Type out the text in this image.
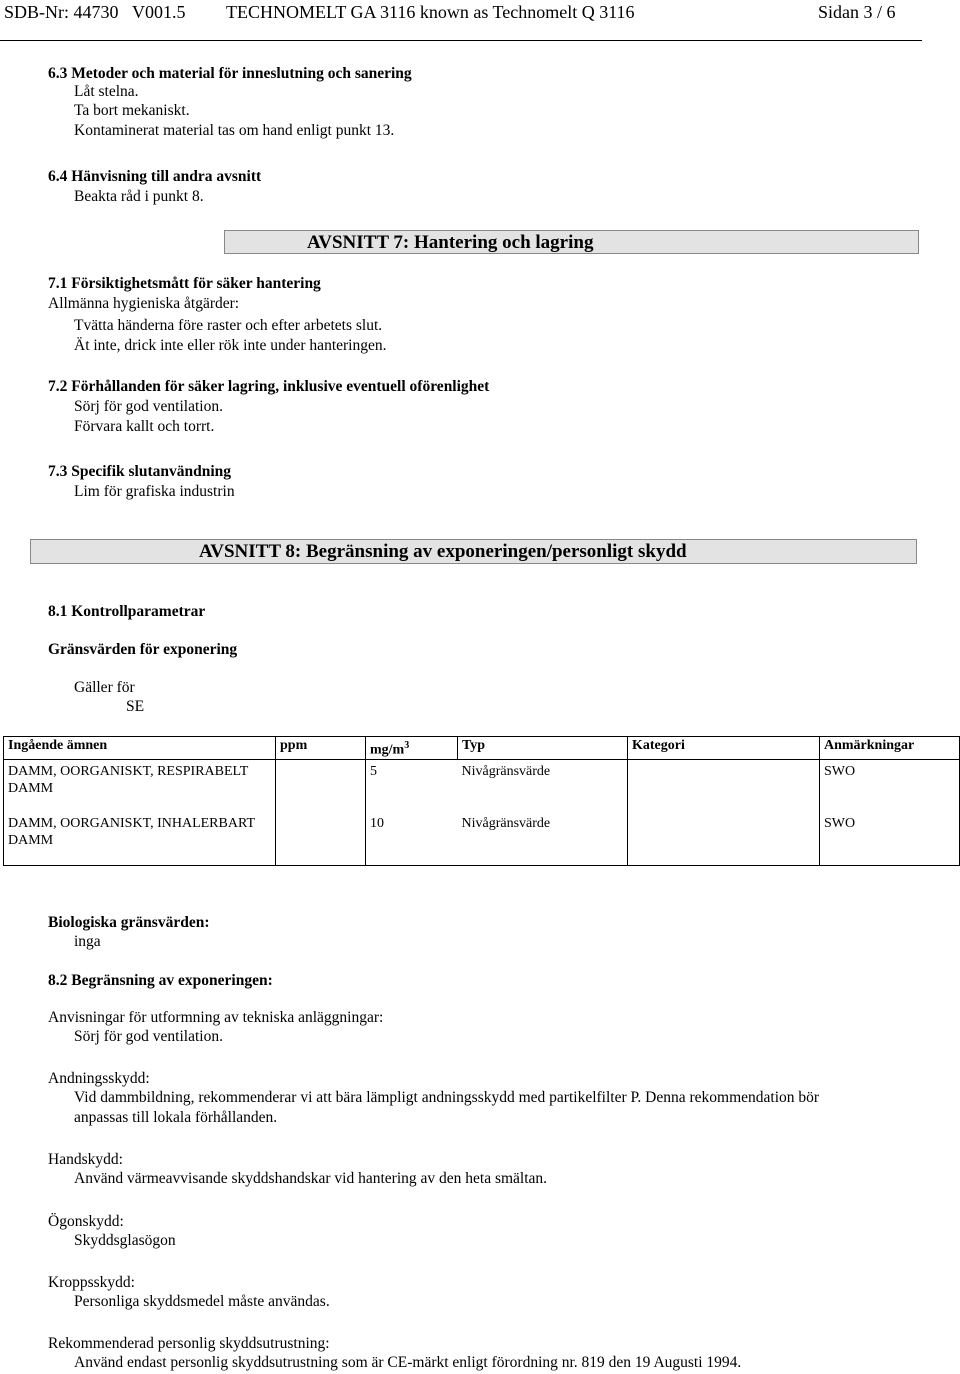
SDB-Nr: 44730 V001.5 TECHNOMELT GA 3116 known as Technomelt Q 3116	Sidan 3 / 6
6.3 Metoder och material för inneslutning och sanering
Låt stelna.
Ta bort mekaniskt.
Kontaminerat material tas om hand enligt punkt 13.
6.4 Hänvisning till andra avsnitt
Beakta råd i punkt 8.
AVSNITT 7: Hantering och lagring
7.1 Försiktighetsmått för säker hantering
Allmänna hygieniska åtgärder:
Tvätta händerna före raster och efter arbetets slut.
Ät inte, drick inte eller rök inte under hanteringen.
7.2 Förhållanden för säker lagring, inklusive eventuell oförenlighet
Sörj för god ventilation.
Förvara kallt och torrt.
7.3 Specifik slutanvändning
Lim för grafiska industrin
AVSNITT 8: Begränsning av exponeringen/personligt skydd
8.1 Kontrollparametrar
Gränsvärden för exponering
Gäller för
SE
Ingående ämnen	ppm	$mg/m^3$	Typ	Kategori	Anmärkningar
DAMM, OORGANISKT, RESPIRABELT
DAMM		5	Nivågränsvärde		SWO
DAMM, OORGANISKT, INHALERBART
DAMM		10	Nivågränsvärde		SWO
Biologiska gränsvärden:
inga
8.2 Begränsning av exponeringen:
Anvisningar för utformning av tekniska anläggningar:
Sörj för god ventilation.
Andningsskydd:
Vid dammbildning, rekommenderar vi att bära lämpligt andningsskydd med partikelfilter P. Denna rekommendation bör
anpassas till lokala förhållanden.
Handskydd:
Använd värmeavvisande skyddshandskar vid hantering av den heta smältan.
Ögonskydd:
Skyddsglasögon
Kroppsskydd:
Personliga skyddsmedel måste användas.
Rekommenderad personlig skyddsutrustning:
Använd endast personlig skyddsutrustning som är CE-märkt enligt förordning nr. 819 den 19 Augusti 1994.
